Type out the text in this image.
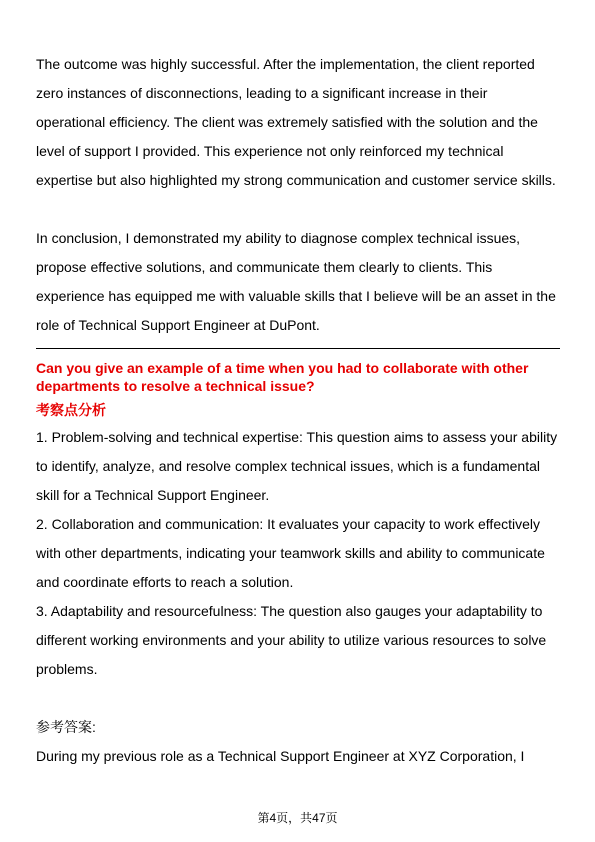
The outcome was highly successful. After the implementation, the client reported zero instances of disconnections, leading to a significant increase in their operational efficiency. The client was extremely satisfied with the solution and the level of support I provided. This experience not only reinforced my technical expertise but also highlighted my strong communication and customer service skills.

In conclusion, I demonstrated my ability to diagnose complex technical issues, propose effective solutions, and communicate them clearly to clients. This experience has equipped me with valuable skills that I believe will be an asset in the role of Technical Support Engineer at DuPont.

Can you give an example of a time when you had to collaborate with other departments to resolve a technical issue?

考察点分析

1. Problem-solving and technical expertise: This question aims to assess your ability to identify, analyze, and resolve complex technical issues, which is a fundamental skill for a Technical Support Engineer.

2. Collaboration and communication: It evaluates your capacity to work effectively with other departments, indicating your teamwork skills and ability to communicate and coordinate efforts to reach a solution.

3. Adaptability and resourcefulness: The question also gauges your adaptability to different working environments and your ability to utilize various resources to solve problems.

参考答案:

During my previous role as a Technical Support Engineer at XYZ Corporation, I

第4页，共47页
